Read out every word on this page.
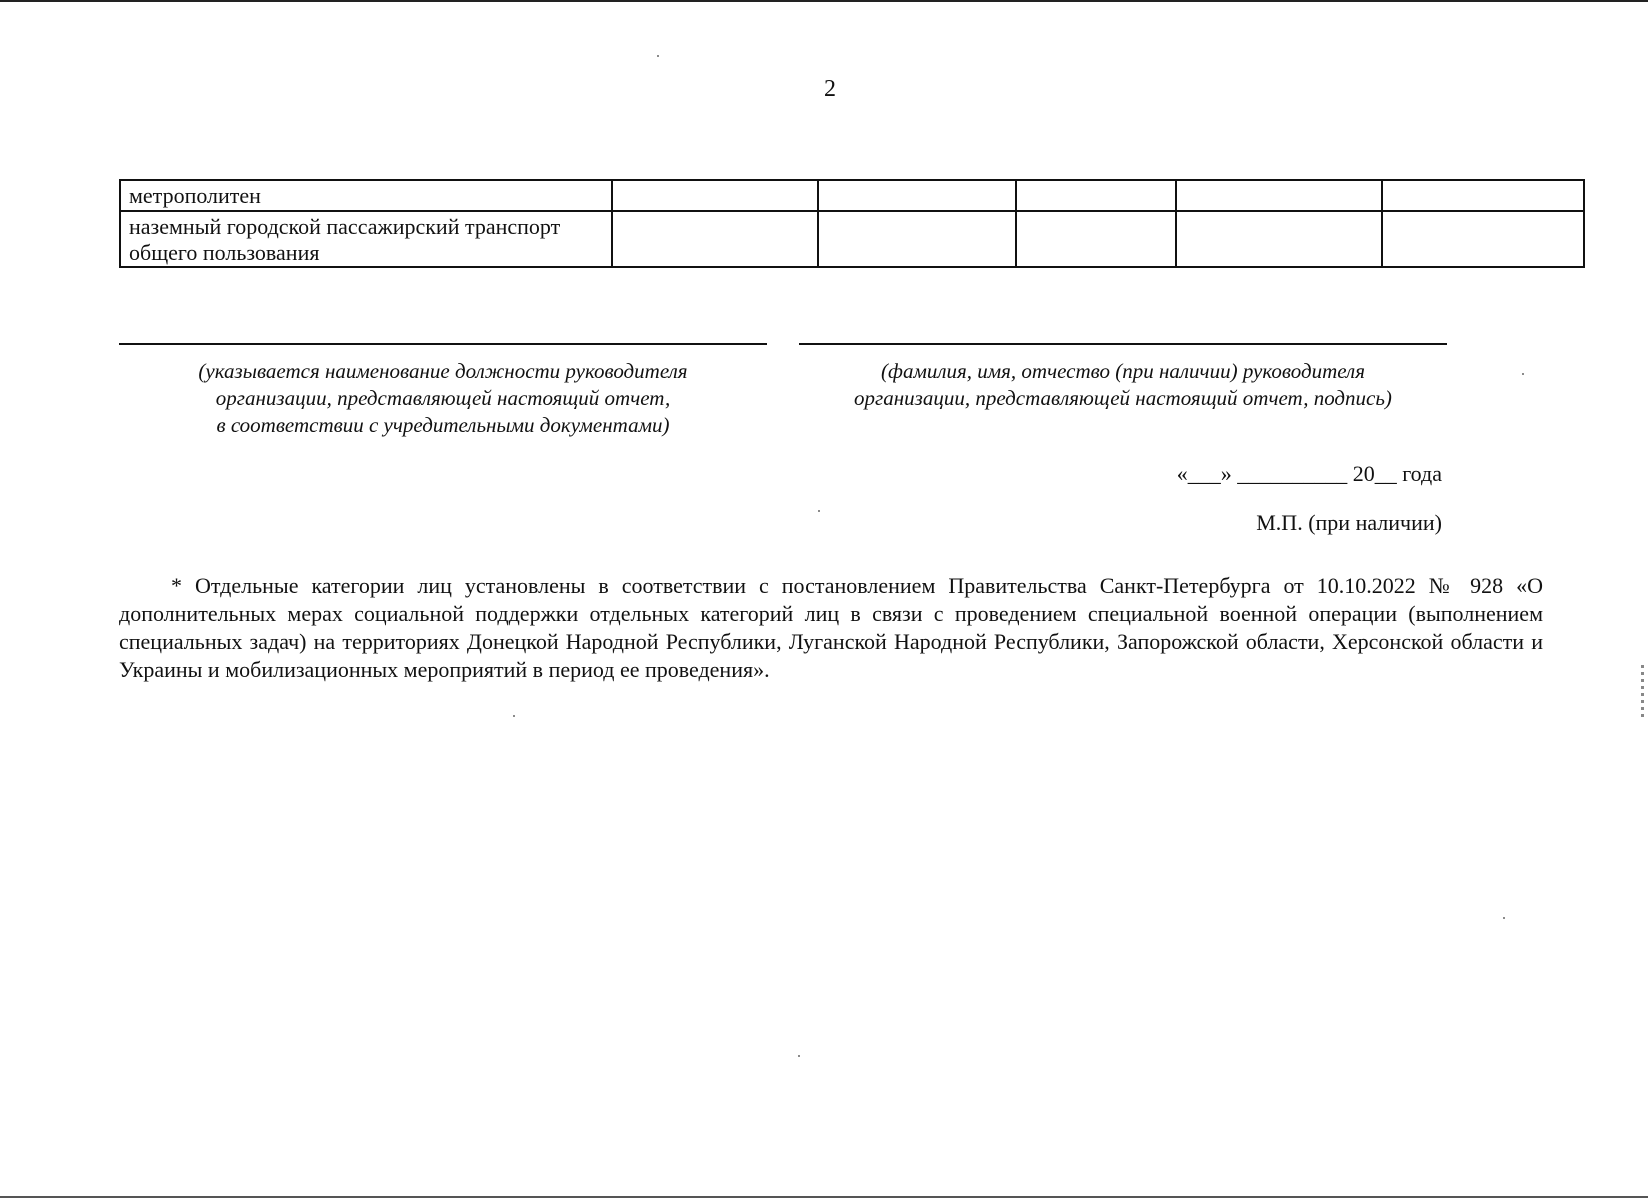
2
метрополитен					
наземный городской пассажирский транспорт
общего пользования					
(указывается наименование должности руководителя
организации, представляющей настоящий отчет,
в соответствии с учредительными документами)
(фамилия, имя, отчество (при наличии) руководителя
организации, представляющей настоящий отчет, подпись)
«___» __________ 20__ года
М.П. (при наличии)
* Отдельные категории лиц установлены в соответствии с постановлением Правительства Санкт-Петербурга от 10.10.2022 № 928 «О дополнительных мерах социальной поддержки отдельных категорий лиц в связи с проведением специальной военной операции (выполнением специальных задач) на территориях Донецкой Народной Республики, Луганской Народной Республики, Запорожской области, Херсонской области и Украины и мобилизационных мероприятий в период ее проведения».
